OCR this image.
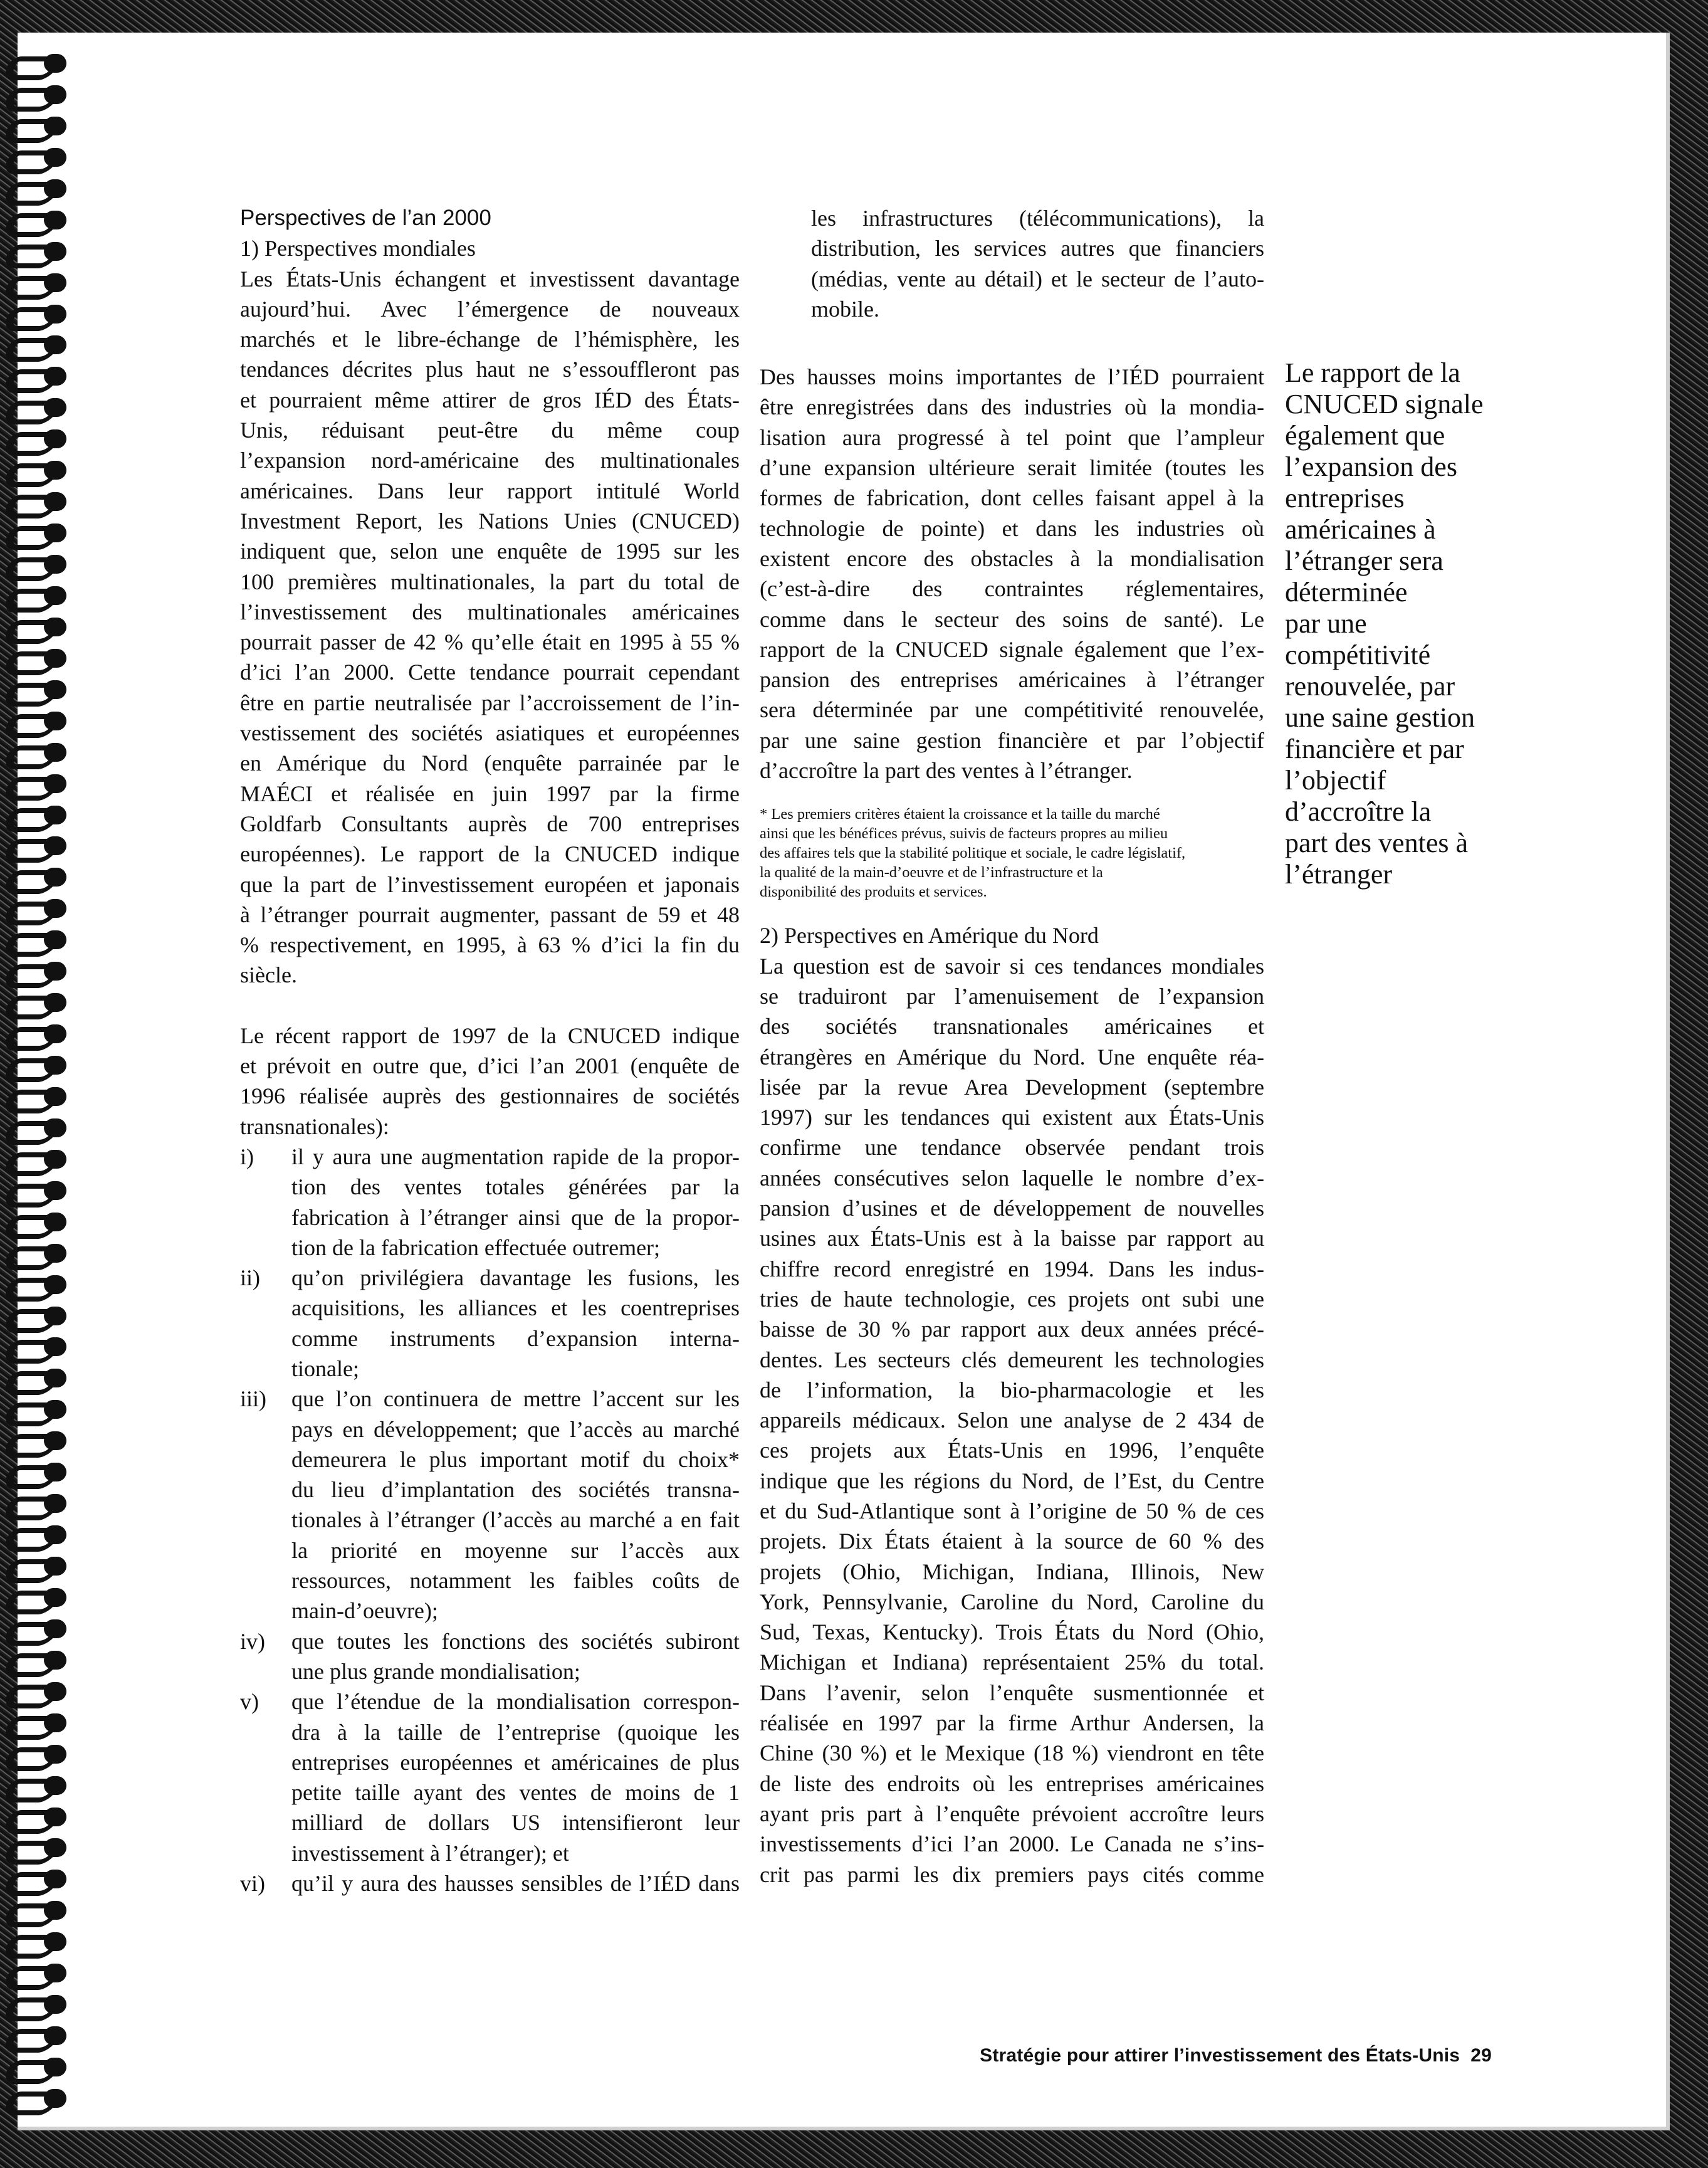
Perspectives de l’an 2000
1) Perspectives mondiales
Les États-Unis échangent et investissent davantage
aujourd’hui. Avec l’émergence de nouveaux
marchés et le libre-échange de l’hémisphère, les
tendances décrites plus haut ne s’essouffleront pas
et pourraient même attirer de gros IÉD des États-
Unis, réduisant peut-être du même coup
l’expansion nord-américaine des multinationales
américaines. Dans leur rapport intitulé World
Investment Report, les Nations Unies (CNUCED)
indiquent que, selon une enquête de 1995 sur les
100 premières multinationales, la part du total de
l’investissement des multinationales américaines
pourrait passer de 42 % qu’elle était en 1995 à 55 %
d’ici l’an 2000. Cette tendance pourrait cependant
être en partie neutralisée par l’accroissement de l’in-
vestissement des sociétés asiatiques et européennes
en Amérique du Nord (enquête parrainée par le
MAÉCI et réalisée en juin 1997 par la firme
Goldfarb Consultants auprès de 700 entreprises
européennes). Le rapport de la CNUCED indique
que la part de l’investissement européen et japonais
à l’étranger pourrait augmenter, passant de 59 et 48
% respectivement, en 1995, à 63 % d’ici la fin du
siècle.
Le récent rapport de 1997 de la CNUCED indique
et prévoit en outre que, d’ici l’an 2001 (enquête de
1996 réalisée auprès des gestionnaires de sociétés
transnationales):
i) il y aura une augmentation rapide de la propor-
tion des ventes totales générées par la
fabrication à l’étranger ainsi que de la propor-
tion de la fabrication effectuée outremer;
ii) qu’on privilégiera davantage les fusions, les
acquisitions, les alliances et les coentreprises
comme instruments d’expansion interna-
tionale;
iii) que l’on continuera de mettre l’accent sur les
pays en développement; que l’accès au marché
demeurera le plus important motif du choix*
du lieu d’implantation des sociétés transna-
tionales à l’étranger (l’accès au marché a en fait
la priorité en moyenne sur l’accès aux
ressources, notamment les faibles coûts de
main-d’oeuvre);
iv) que toutes les fonctions des sociétés subiront
une plus grande mondialisation;
v) que l’étendue de la mondialisation correspon-
dra à la taille de l’entreprise (quoique les
entreprises européennes et américaines de plus
petite taille ayant des ventes de moins de 1
milliard de dollars US intensifieront leur
investissement à l’étranger); et
vi) qu’il y aura des hausses sensibles de l’IÉD dans
les infrastructures (télécommunications), la
distribution, les services autres que financiers
(médias, vente au détail) et le secteur de l’auto-
mobile.
Des hausses moins importantes de l’IÉD pourraient
être enregistrées dans des industries où la mondia-
lisation aura progressé à tel point que l’ampleur
d’une expansion ultérieure serait limitée (toutes les
formes de fabrication, dont celles faisant appel à la
technologie de pointe) et dans les industries où
existent encore des obstacles à la mondialisation
(c’est-à-dire des contraintes réglementaires,
comme dans le secteur des soins de santé). Le
rapport de la CNUCED signale également que l’ex-
pansion des entreprises américaines à l’étranger
sera déterminée par une compétitivité renouvelée,
par une saine gestion financière et par l’objectif
d’accroître la part des ventes à l’étranger.
* Les premiers critères étaient la croissance et la taille du marché
ainsi que les bénéfices prévus, suivis de facteurs propres au milieu
des affaires tels que la stabilité politique et sociale, le cadre législatif,
la qualité de la main-d’oeuvre et de l’infrastructure et la
disponibilité des produits et services.
2) Perspectives en Amérique du Nord
La question est de savoir si ces tendances mondiales
se traduiront par l’amenuisement de l’expansion
des sociétés transnationales américaines et
étrangères en Amérique du Nord. Une enquête réa-
lisée par la revue Area Development (septembre
1997) sur les tendances qui existent aux États-Unis
confirme une tendance observée pendant trois
années consécutives selon laquelle le nombre d’ex-
pansion d’usines et de développement de nouvelles
usines aux États-Unis est à la baisse par rapport au
chiffre record enregistré en 1994. Dans les indus-
tries de haute technologie, ces projets ont subi une
baisse de 30 % par rapport aux deux années précé-
dentes. Les secteurs clés demeurent les technologies
de l’information, la bio-pharmacologie et les
appareils médicaux. Selon une analyse de 2 434 de
ces projets aux États-Unis en 1996, l’enquête
indique que les régions du Nord, de l’Est, du Centre
et du Sud-Atlantique sont à l’origine de 50 % de ces
projets. Dix États étaient à la source de 60 % des
projets (Ohio, Michigan, Indiana, Illinois, New
York, Pennsylvanie, Caroline du Nord, Caroline du
Sud, Texas, Kentucky). Trois États du Nord (Ohio,
Michigan et Indiana) représentaient 25% du total.
Dans l’avenir, selon l’enquête susmentionnée et
réalisée en 1997 par la firme Arthur Andersen, la
Chine (30 %) et le Mexique (18 %) viendront en tête
de liste des endroits où les entreprises américaines
ayant pris part à l’enquête prévoient accroître leurs
investissements d’ici l’an 2000. Le Canada ne s’ins-
crit pas parmi les dix premiers pays cités comme
Le rapport de la
CNUCED signale
également que
l’expansion des
entreprises
américaines à
l’étranger sera
déterminée
par une
compétitivité
renouvelée, par
une saine gestion
financière et par
l’objectif
d’accroître la
part des ventes à
l’étranger
Stratégie pour attirer l’investissement des États-Unis 29
